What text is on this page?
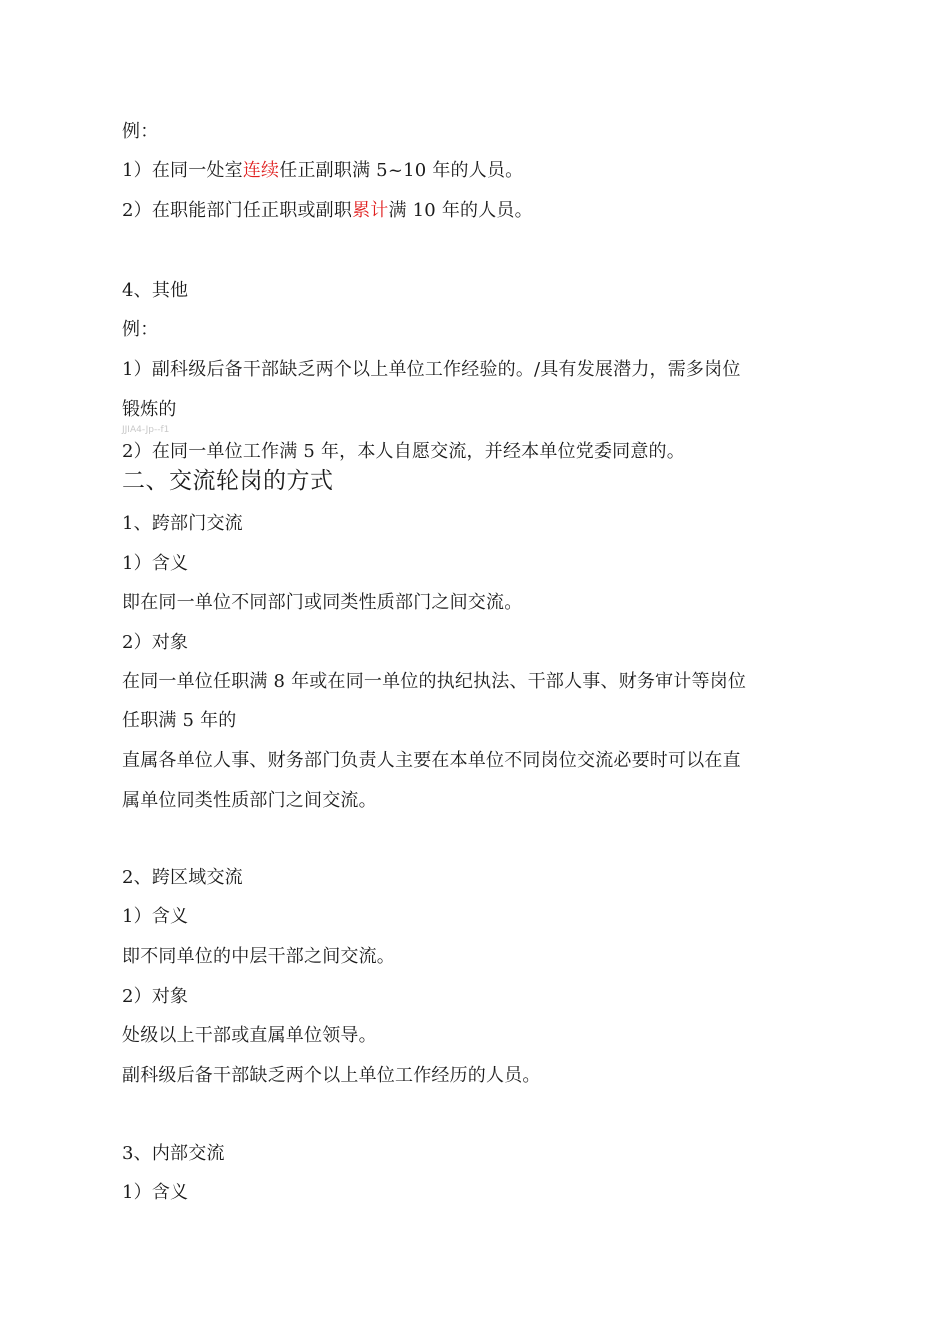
例：
1）在同一处室连续任正副职满 5~10 年的人员。
2）在职能部门任正职或副职累计满 10 年的人员。
4、其他
例：
1）副科级后备干部缺乏两个以上单位工作经验的。/具有发展潜力，需多岗位
锻炼的
JJIA4-Jp--f1
2）在同一单位工作满 5 年，本人自愿交流，并经本单位党委同意的。
二、交流轮岗的方式
1、跨部门交流
1）含义
即在同一单位不同部门或同类性质部门之间交流。
2）对象
在同一单位任职满 8 年或在同一单位的执纪执法、干部人事、财务审计等岗位
任职满 5 年的
直属各单位人事、财务部门负责人主要在本单位不同岗位交流必要时可以在直
属单位同类性质部门之间交流。
2、跨区域交流
1）含义
即不同单位的中层干部之间交流。
2）对象
处级以上干部或直属单位领导。
副科级后备干部缺乏两个以上单位工作经历的人员。
3、内部交流
1）含义
